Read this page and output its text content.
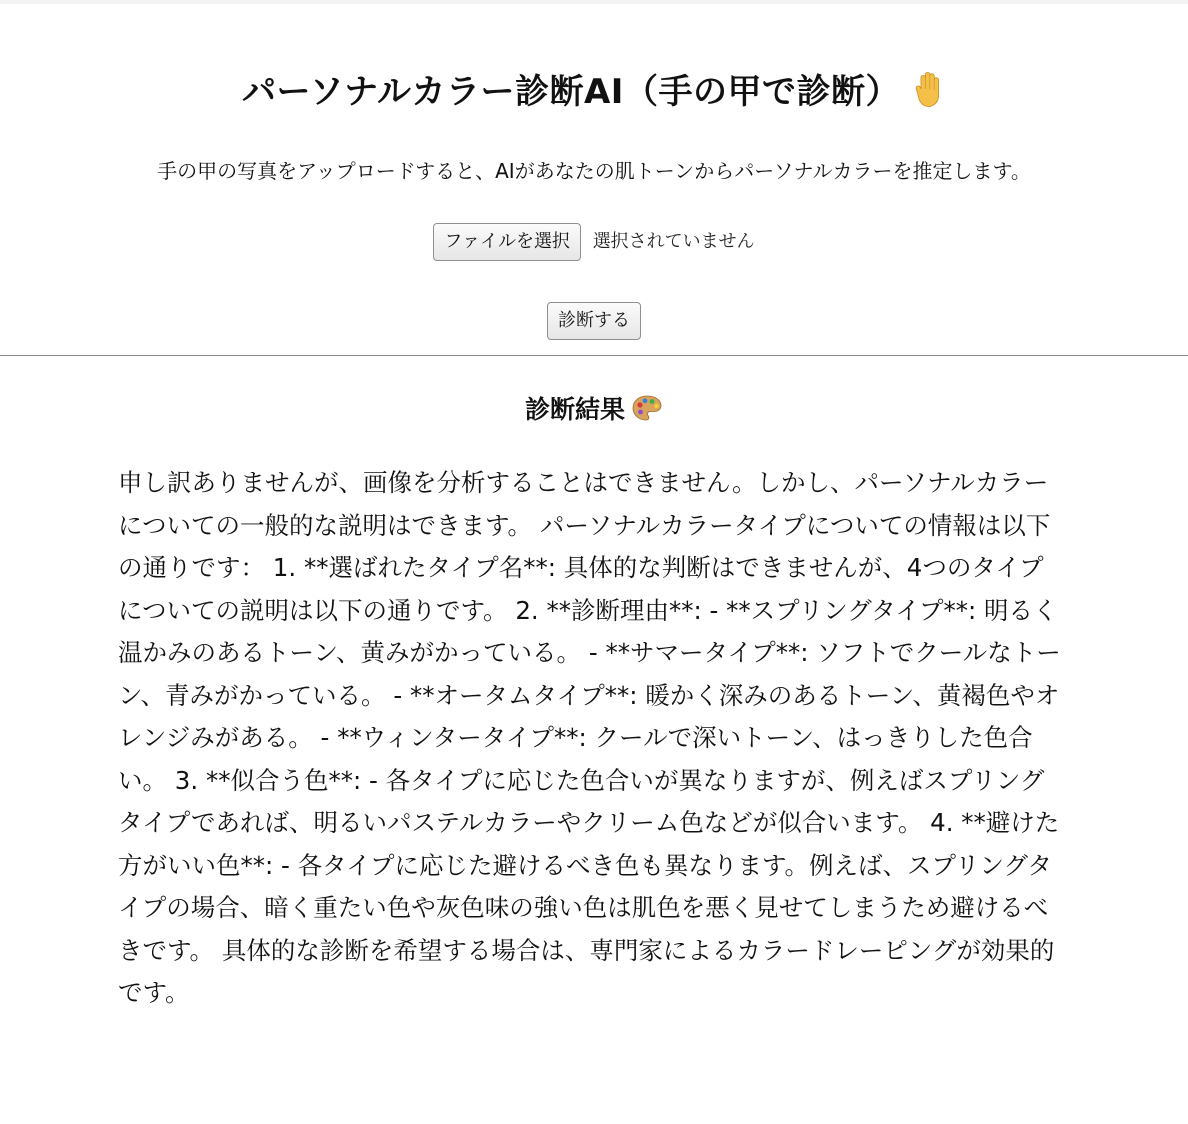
パーソナルカラー診断AI（手の甲で診断）

手の甲の写真をアップロードすると、AIがあなたの肌トーンからパーソナルカラーを推定します。

ファイルを選択 選択されていません
診断する
診断結果

申し訳ありませんが、画像を分析することはできません。しかし、パーソナルカラーについての一般的な説明はできます。 パーソナルカラータイプについての情報は以下の通りです： 1. **選ばれたタイプ名**: 具体的な判断はできませんが、4つのタイプについての説明は以下の通りです。 2. **診断理由**: - **スプリングタイプ**: 明るく温かみのあるトーン、黄みがかっている。 - **サマータイプ**: ソフトでクールなトーン、青みがかっている。 - **オータムタイプ**: 暖かく深みのあるトーン、黄褐色やオレンジみがある。 - **ウィンタータイプ**: クールで深いトーン、はっきりした色合い。 3. **似合う色**: - 各タイプに応じた色合いが異なりますが、例えばスプリングタイプであれば、明るいパステルカラーやクリーム色などが似合います。 4. **避けた方がいい色**: - 各タイプに応じた避けるべき色も異なります。例えば、スプリングタイプの場合、暗く重たい色や灰色味の強い色は肌色を悪く見せてしまうため避けるべきです。 具体的な診断を希望する場合は、専門家によるカラードレーピングが効果的です。
